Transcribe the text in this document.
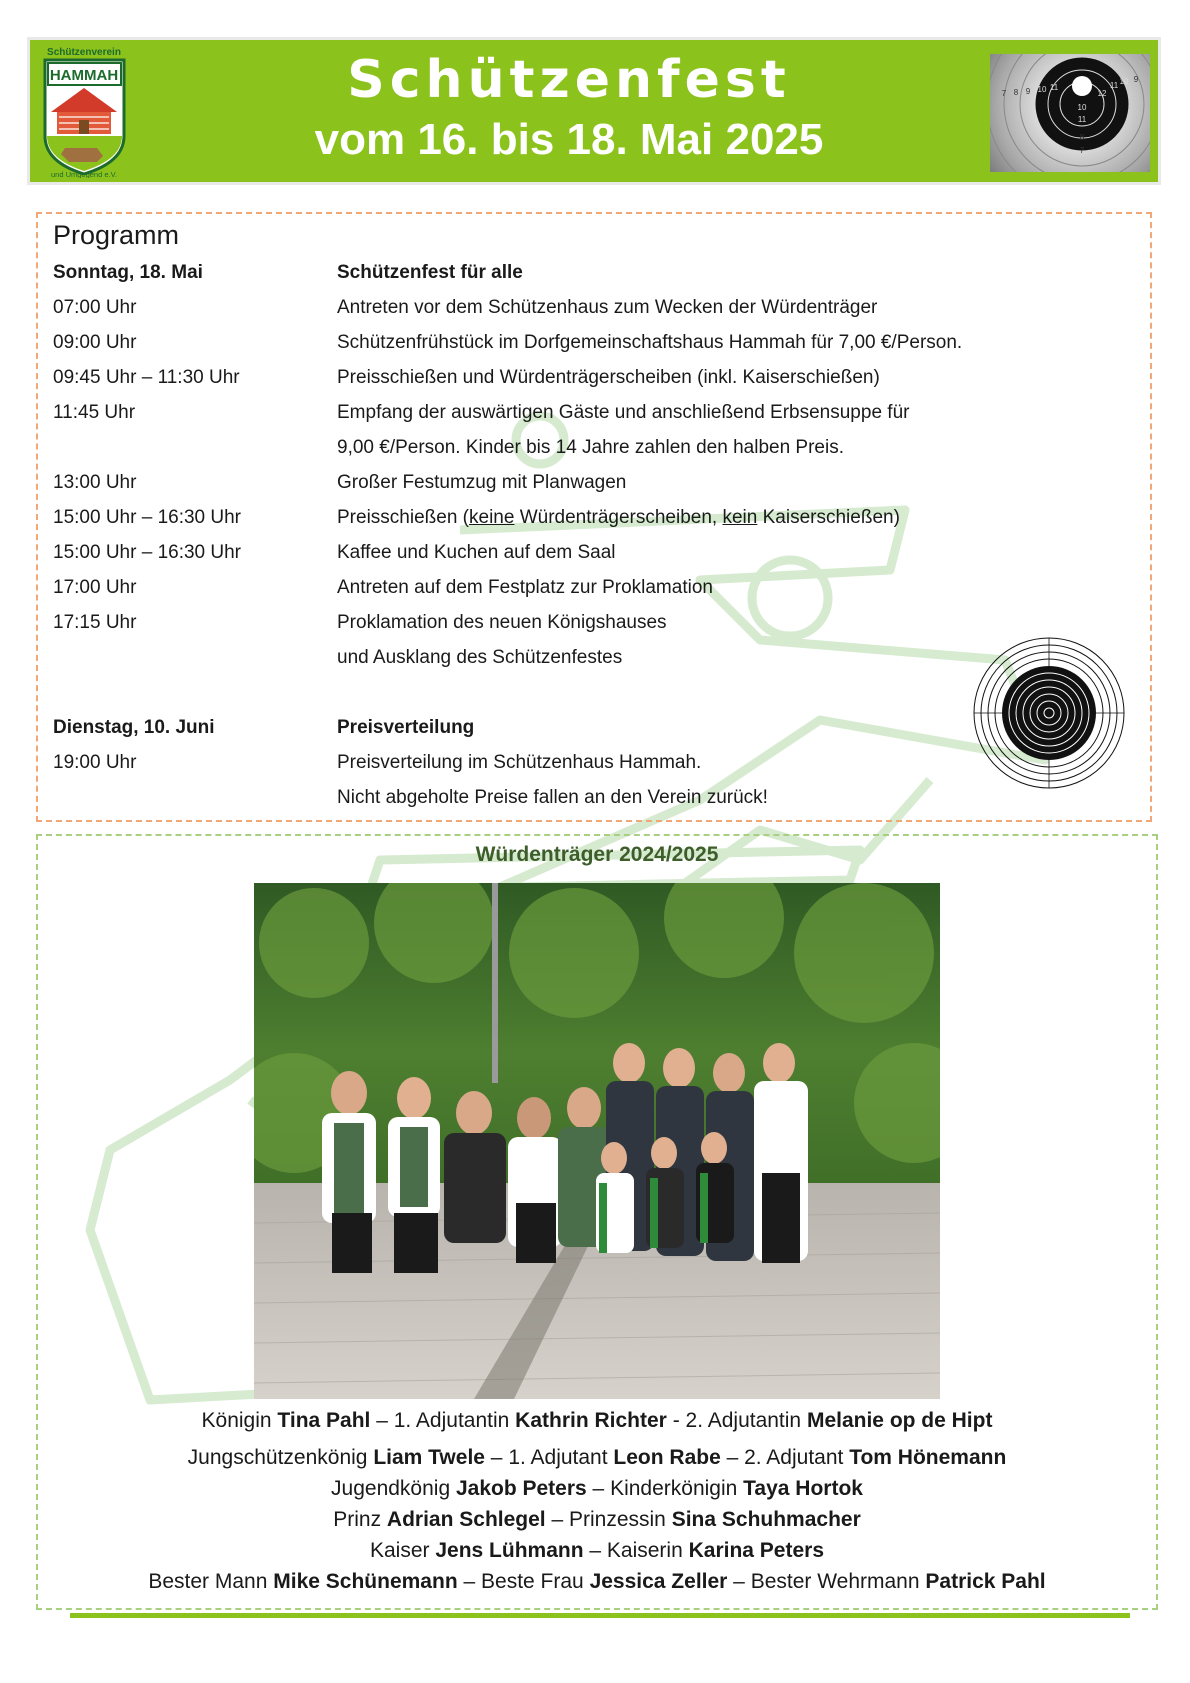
Schützenverein
HAMMAH
und Umgegend e.V.
Schützenfest
vom 16. bis 18. Mai 2025
10
11
12
11 10 9
8
7
11
10
9
8
7
Programm
Sonntag, 18. Mai	Schützenfest für alle
07:00 Uhr	Antreten vor dem Schützenhaus zum Wecken der Würdenträger
09:00 Uhr	Schützenfrühstück im Dorfgemeinschaftshaus Hammah für 7,00 €/Person.
09:45 Uhr – 11:30 Uhr	Preisschießen und Würdenträgerscheiben (inkl. Kaiserschießen)
11:45 Uhr	Empfang der auswärtigen Gäste und anschließend Erbsensuppe für
9,00 €/Person. Kinder bis 14 Jahre zahlen den halben Preis.
13:00 Uhr	Großer Festumzug mit Planwagen
15:00 Uhr – 16:30 Uhr	Preisschießen (keine Würdenträgerscheiben, kein Kaiserschießen)
15:00 Uhr – 16:30 Uhr	Kaffee und Kuchen auf dem Saal
17:00 Uhr	Antreten auf dem Festplatz zur Proklamation
17:15 Uhr	Proklamation des neuen Königshauses
und Ausklang des Schützenfestes
Dienstag, 10. Juni	Preisverteilung
19:00 Uhr	Preisverteilung im Schützenhaus Hammah.
Nicht abgeholte Preise fallen an den Verein zurück!
Würdenträger 2024/2025
Königin Tina Pahl – 1. Adjutantin Kathrin Richter - 2. Adjutantin Melanie op de Hipt
Jungschützenkönig Liam Twele – 1. Adjutant Leon Rabe – 2. Adjutant Tom Hönemann
Jugendkönig Jakob Peters – Kinderkönigin Taya Hortok
Prinz Adrian Schlegel – Prinzessin Sina Schuhmacher
Kaiser Jens Lühmann – Kaiserin Karina Peters
Bester Mann Mike Schünemann – Beste Frau Jessica Zeller – Bester Wehrmann Patrick Pahl
